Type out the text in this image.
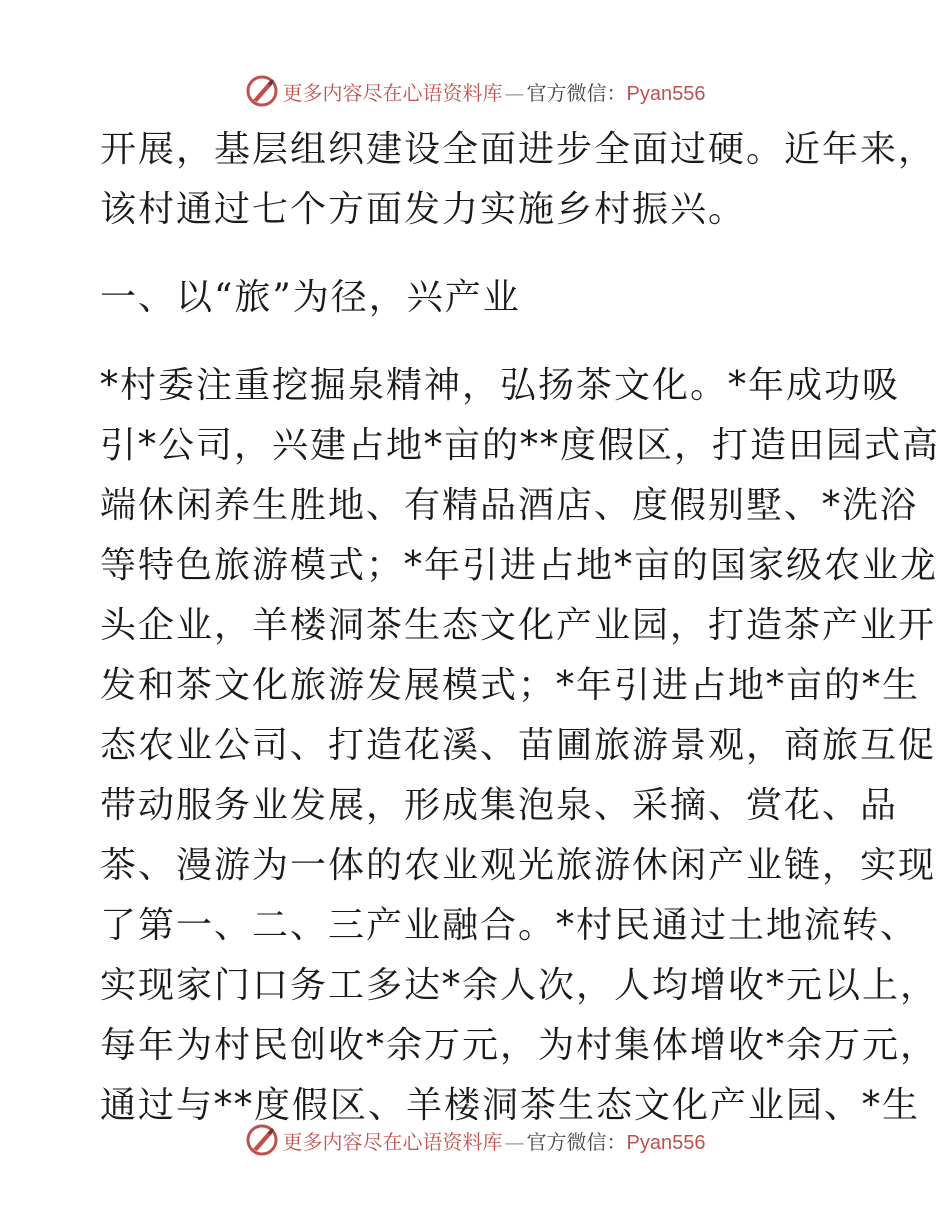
更多内容尽在心语资料库 — 官方微信：Pyan556
开展，基层组织建设全面进步全面过硬。近年来，
该村通过七个方面发力实施乡村振兴。
一、以“旅”为径，兴产业
*村委注重挖掘泉精神，弘扬茶文化。*年成功吸
引*公司，兴建占地*亩的**度假区，打造田园式高
端休闲养生胜地、有精品酒店、度假别墅、*洗浴
等特色旅游模式；*年引进占地*亩的国家级农业龙
头企业，羊楼洞茶生态文化产业园，打造茶产业开
发和茶文化旅游发展模式；*年引进占地*亩的*生
态农业公司、打造花溪、苗圃旅游景观，商旅互促
带动服务业发展，形成集泡泉、采摘、赏花、品
茶、漫游为一体的农业观光旅游休闲产业链，实现
了第一、二、三产业融合。*村民通过土地流转、
实现家门口务工多达*余人次，人均增收*元以上，
每年为村民创收*余万元，为村集体增收*余万元，
通过与**度假区、羊楼洞茶生态文化产业园、*生
更多内容尽在心语资料库 — 官方微信：Pyan556
